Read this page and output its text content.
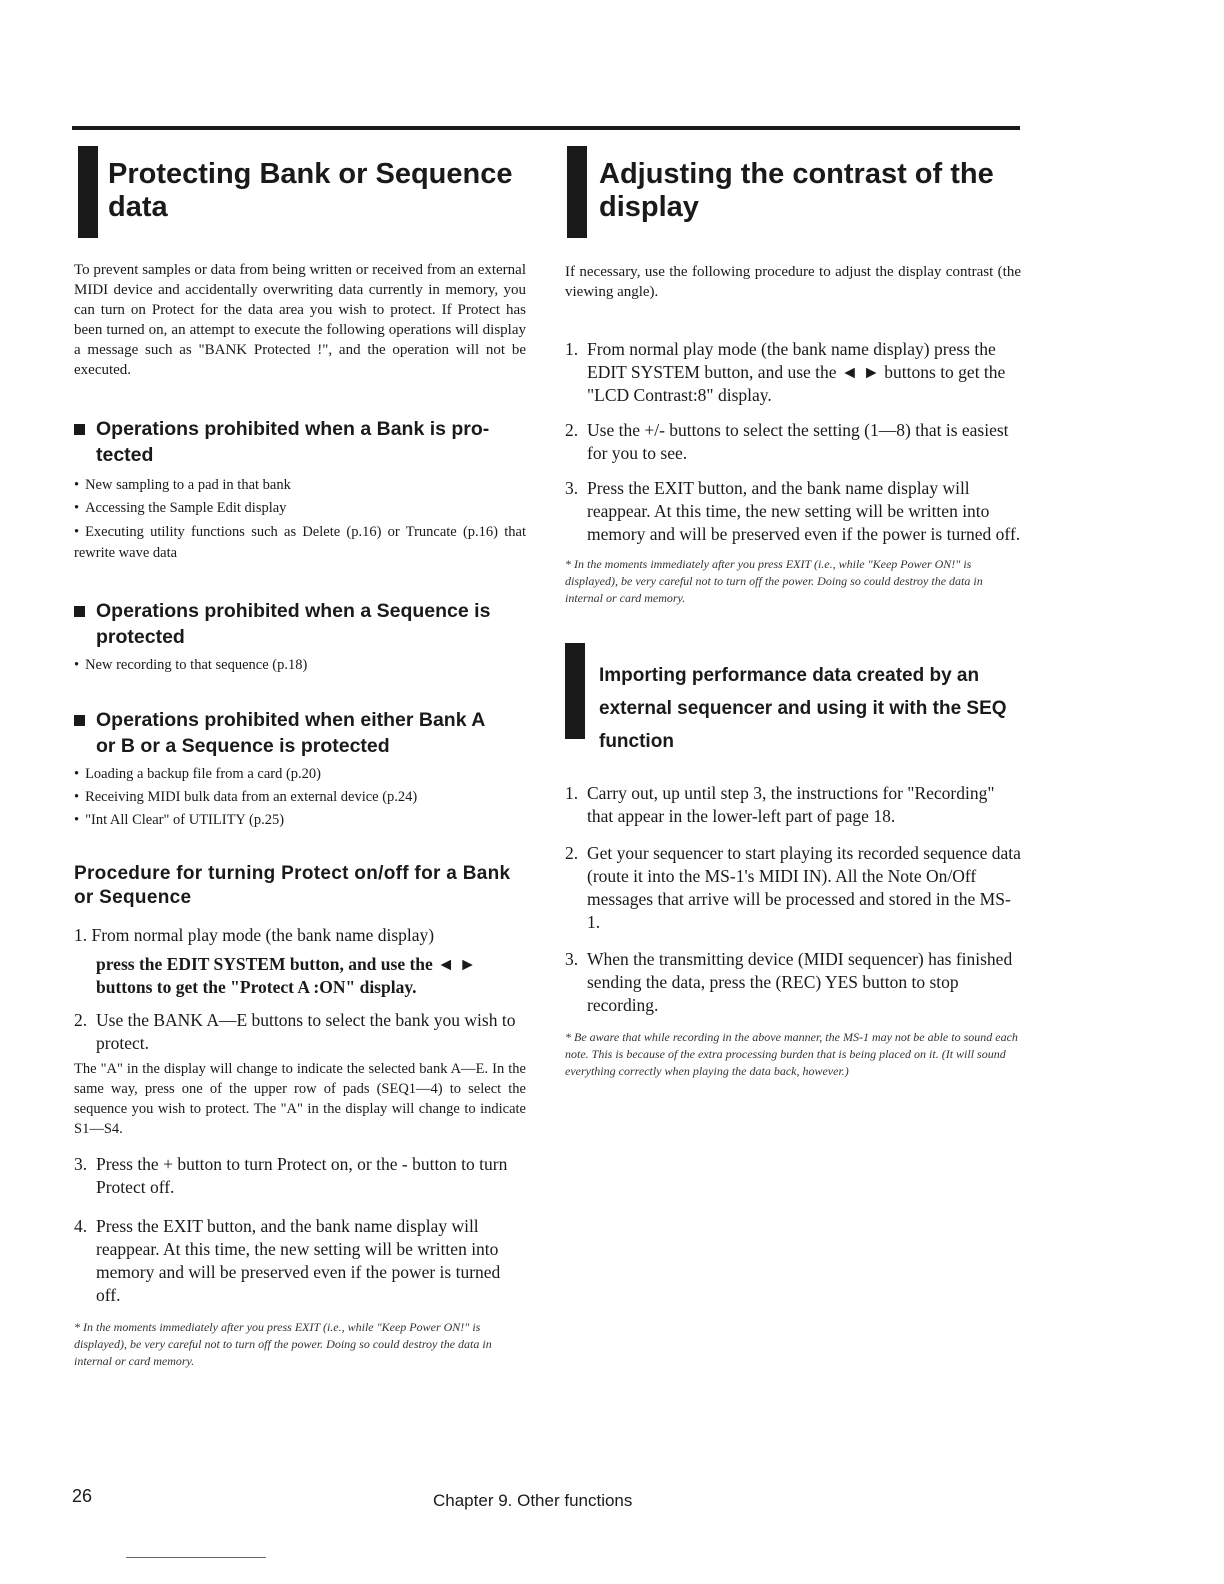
Protecting Bank or Sequence data

To prevent samples or data from being written or received from an external MIDI device and accidentally overwriting data currently in memory, you can turn on Protect for the data area you wish to protect. If Protect has been turned on, an attempt to execute the following operations will display a message such as "BANK Protected !", and the operation will not be executed.

Operations prohibited when a Bank is pro-
tected

• New sampling to a pad in that bank

• Accessing the Sample Edit display

• Executing utility functions such as Delete (p.16) or Truncate (p.16) that rewrite wave data

Operations prohibited when a Sequence is
protected

• New recording to that sequence (p.18)

Operations prohibited when either Bank A
or B or a Sequence is protected

• Loading a backup file from a card (p.20)

• Receiving MIDI bulk data from an external device (p.24)

• "Int All Clear" of UTILITY (p.25)

Procedure for turning Protect on/off for a Bank or Sequence

1. From normal play mode (the bank name display)

press the EDIT SYSTEM button, and use the ◄ ► buttons to get the "Protect A :ON" display.

2. Use the BANK A—E buttons to select the bank you wish to protect.

The "A" in the display will change to indicate the selected bank A—E. In the same way, press one of the upper row of pads (SEQ1—4) to select the sequence you wish to protect. The "A" in the display will change to indicate S1—S4.

3. Press the + button to turn Protect on, or the - button to turn Protect off.

4. Press the EXIT button, and the bank name display will reappear. At this time, the new setting will be written into memory and will be preserved even if the power is turned off.

* In the moments immediately after you press EXIT (i.e., while "Keep Power ON!" is displayed), be very careful not to turn off the power. Doing so could destroy the data in internal or card memory.

Adjusting the contrast of the display

If necessary, use the following procedure to adjust the display contrast (the viewing angle).

1. From normal play mode (the bank name display) press the EDIT SYSTEM button, and use the ◄ ► buttons to get the "LCD Contrast:8" display.

2. Use the +/- buttons to select the setting (1—8) that is easiest for you to see.

3. Press the EXIT button, and the bank name display will reappear. At this time, the new setting will be written into memory and will be preserved even if the power is turned off.

* In the moments immediately after you press EXIT (i.e., while "Keep Power ON!" is displayed), be very careful not to turn off the power. Doing so could destroy the data in internal or card memory.

Importing performance data created by an external sequencer and using it with the SEQ function

1. Carry out, up until step 3, the instructions for "Recording" that appear in the lower-left part of page 18.

2. Get your sequencer to start playing its recorded sequence data (route it into the MS-1's MIDI IN). All the Note On/Off messages that arrive will be processed and stored in the MS-1.

3. When the transmitting device (MIDI sequencer) has finished sending the data, press the (REC) YES button to stop recording.

* Be aware that while recording in the above manner, the MS-1 may not be able to sound each note. This is because of the extra processing burden that is being placed on it. (It will sound everything correctly when playing the data back, however.)

26	Chapter 9. Other functions
